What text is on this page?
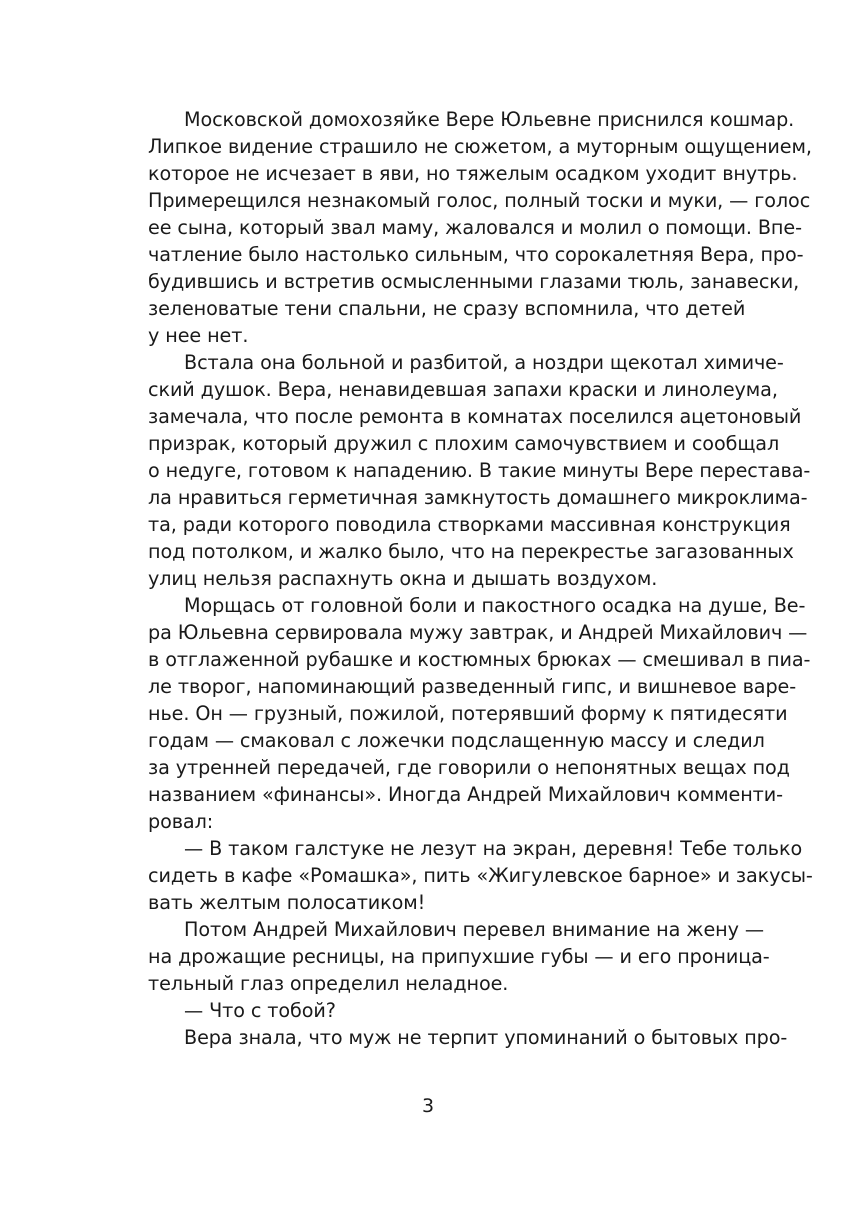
Московской домохозяйке Вере Юльевне приснился кошмар.
Липкое видение страшило не сюжетом, а муторным ощущением,
которое не исчезает в яви, но тяжелым осадком уходит внутрь.
Примерещился незнакомый голос, полный тоски и муки, — голос
ее сына, который звал маму, жаловался и молил о помощи. Впе-
чатление было настолько сильным, что сорокалетняя Вера, про-
будившись и встретив осмысленными глазами тюль, занавески,
зеленоватые тени спальни, не сразу вспомнила, что детей
у нее нет.
Встала она больной и разбитой, а ноздри щекотал химиче-
ский душок. Вера, ненавидевшая запахи краски и линолеума,
замечала, что после ремонта в комнатах поселился ацетоновый
призрак, который дружил с плохим самочувствием и сообщал
о недуге, готовом к нападению. В такие минуты Вере перестава-
ла нравиться герметичная замкнутость домашнего микроклима-
та, ради которого поводила створками массивная конструкция
под потолком, и жалко было, что на перекрестье загазованных
улиц нельзя распахнуть окна и дышать воздухом.
Морщась от головной боли и пакостного осадка на душе, Ве-
ра Юльевна сервировала мужу завтрак, и Андрей Михайлович —
в отглаженной рубашке и костюмных брюках — смешивал в пиа-
ле творог, напоминающий разведенный гипс, и вишневое варе-
нье. Он — грузный, пожилой, потерявший форму к пятидесяти
годам — смаковал с ложечки подслащенную массу и следил
за утренней передачей, где говорили о непонятных вещах под
названием «финансы». Иногда Андрей Михайлович комменти-
ровал:
— В таком галстуке не лезут на экран, деревня! Тебе только
сидеть в кафе «Ромашка», пить «Жигулевское барное» и закусы-
вать желтым полосатиком!
Потом Андрей Михайлович перевел внимание на жену —
на дрожащие ресницы, на припухшие губы — и его проница-
тельный глаз определил неладное.
— Что с тобой?
Вера знала, что муж не терпит упоминаний о бытовых про-
3
